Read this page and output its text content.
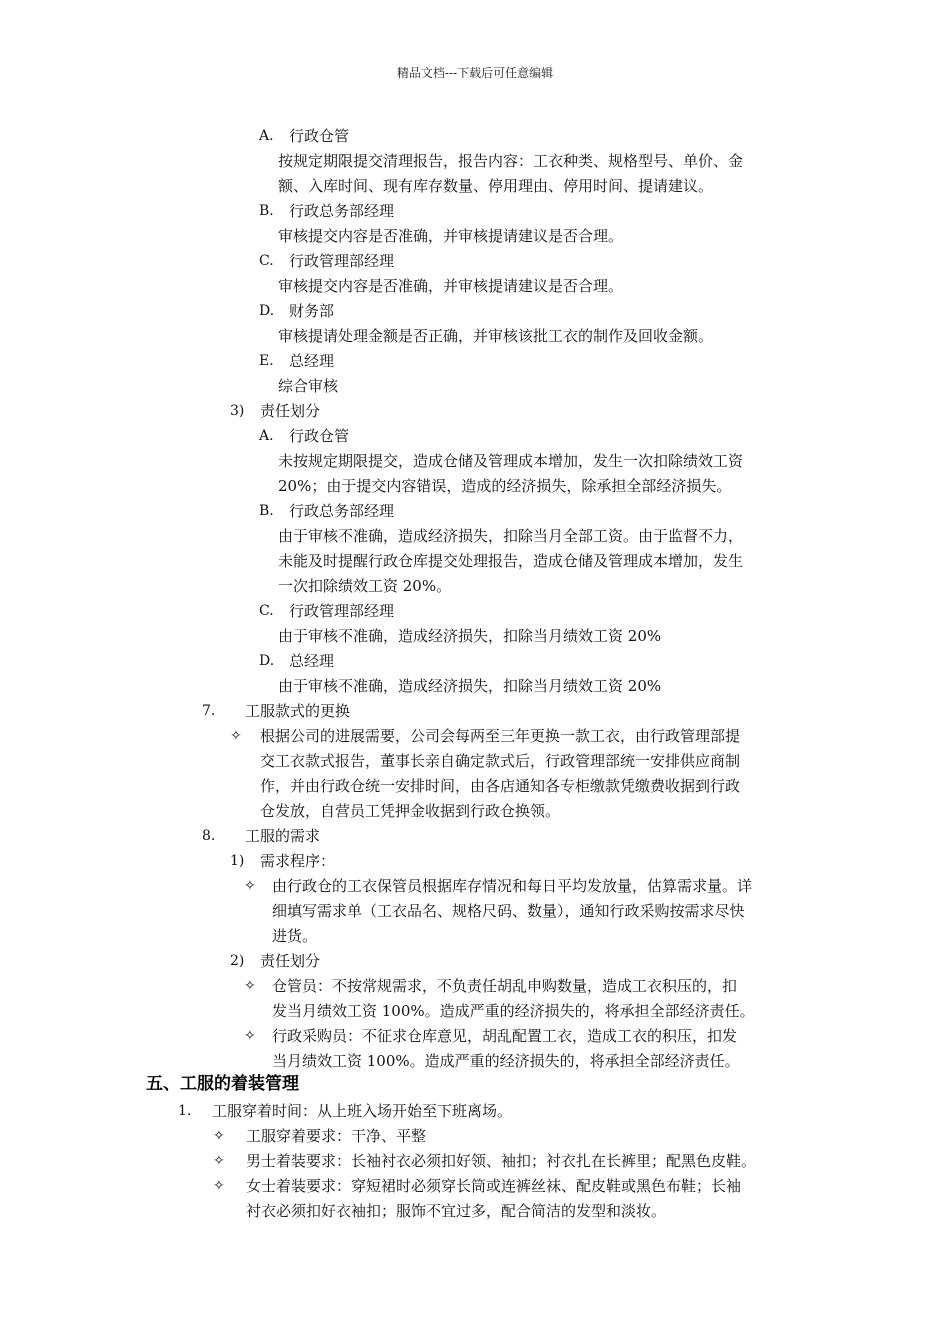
精品文档---下载后可任意编辑
A. 行政仓管
按规定期限提交清理报告，报告内容：工衣种类、规格型号、单价、金
额、入库时间、现有库存数量、停用理由、停用时间、提请建议。
B. 行政总务部经理
审核提交内容是否准确，并审核提请建议是否合理。
C. 行政管理部经理
审核提交内容是否准确，并审核提请建议是否合理。
D. 财务部
审核提请处理金额是否正确，并审核该批工衣的制作及回收金额。
E. 总经理
综合审核
3) 责任划分
A. 行政仓管
未按规定期限提交，造成仓储及管理成本增加，发生一次扣除绩效工资
20%；由于提交内容错误，造成的经济损失，除承担全部经济损失。
B. 行政总务部经理
由于审核不准确，造成经济损失，扣除当月全部工资。由于监督不力，
未能及时提醒行政仓库提交处理报告，造成仓储及管理成本增加，发生
一次扣除绩效工资 20%。
C. 行政管理部经理
由于审核不准确，造成经济损失，扣除当月绩效工资 20%
D. 总经理
由于审核不准确，造成经济损失，扣除当月绩效工资 20%
7. 工服款式的更换
✧ 根据公司的进展需要，公司会每两至三年更换一款工衣，由行政管理部提
交工衣款式报告，董事长亲自确定款式后，行政管理部统一安排供应商制
作，并由行政仓统一安排时间，由各店通知各专柜缴款凭缴费收据到行政
仓发放，自营员工凭押金收据到行政仓换领。
8. 工服的需求
1) 需求程序：
✧ 由行政仓的工衣保管员根据库存情况和每日平均发放量，估算需求量。详
细填写需求单（工衣品名、规格尺码、数量），通知行政采购按需求尽快
进货。
2) 责任划分
✧ 仓管员：不按常规需求，不负责任胡乱申购数量，造成工衣积压的，扣
发当月绩效工资 100%。造成严重的经济损失的，将承担全部经济责任。
✧ 行政采购员：不征求仓库意见，胡乱配置工衣，造成工衣的积压，扣发
当月绩效工资 100%。造成严重的经济损失的，将承担全部经济责任。
五、工服的着装管理
1. 工服穿着时间：从上班入场开始至下班离场。
✧ 工服穿着要求：干净、平整
✧ 男士着装要求：长袖衬衣必须扣好领、袖扣；衬衣扎在长裤里；配黑色皮鞋。
✧ 女士着装要求：穿短裙时必须穿长筒或连裤丝袜、配皮鞋或黑色布鞋；长袖
衬衣必须扣好衣袖扣；服饰不宜过多，配合简洁的发型和淡妆。
